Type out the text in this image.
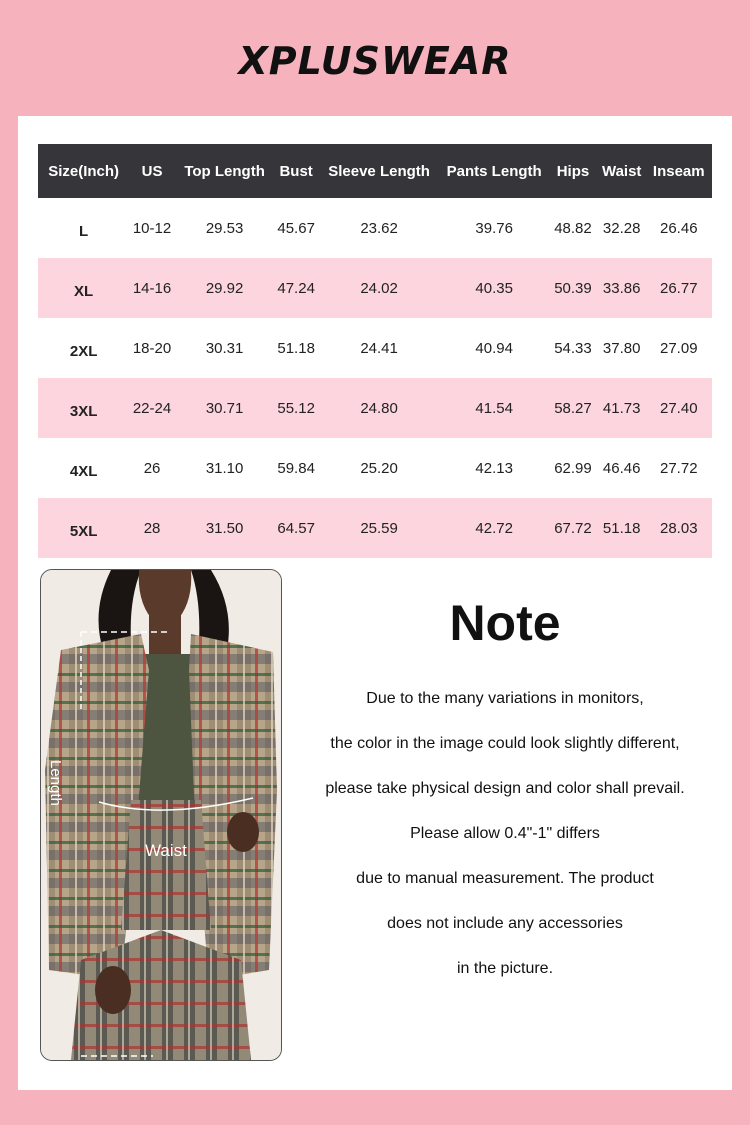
XPLUSWEAR
Size(Inch)	US	Top Length	Bust	Sleeve Length	Pants Length	Hips	Waist	Inseam
L	10-12	29.53	45.67	23.62	39.76	48.82	32.28	26.46
XL	14-16	29.92	47.24	24.02	40.35	50.39	33.86	26.77
2XL	18-20	30.31	51.18	24.41	40.94	54.33	37.80	27.09
3XL	22-24	30.71	55.12	24.80	41.54	58.27	41.73	27.40
4XL	26	31.10	59.84	25.20	42.13	62.99	46.46	27.72
5XL	28	31.50	64.57	25.59	42.72	67.72	51.18	28.03
Length
Waist
Note

Due to the many variations in monitors,

the color in the image could look slightly different,

please take physical design and color shall prevail.

Please allow 0.4"-1" differs

due to manual measurement. The product

does not include any accessories

in the picture.
